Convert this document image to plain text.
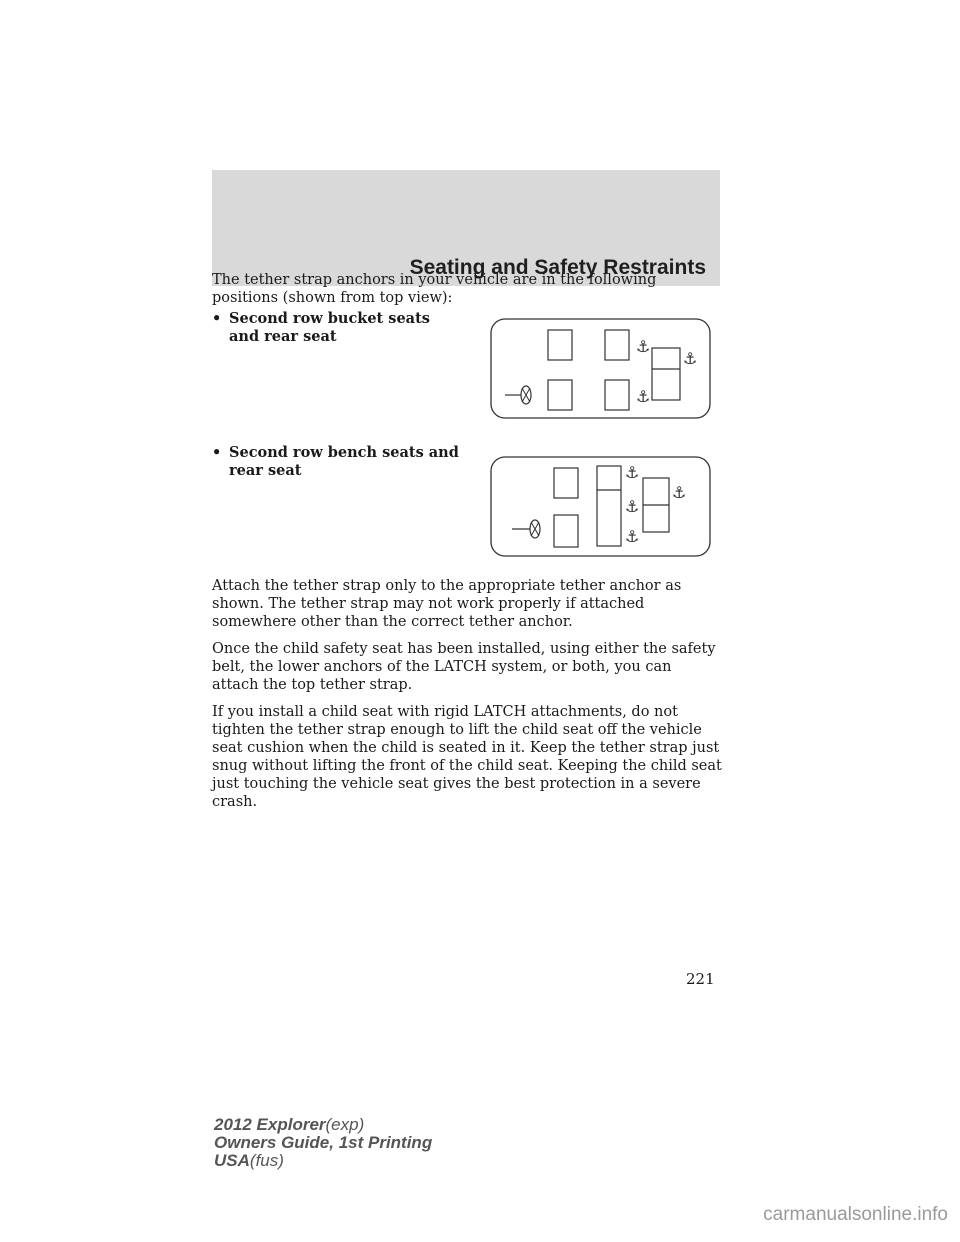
Seating and Safety Restraints

The tether strap anchors in your vehicle are in the following positions (shown from top view):

• Second row bucket seats and rear seat
⚓
⚓
⚓
• Second row bench seats and rear seat	⚓
⚓
⚓
⚓

Attach the tether strap only to the appropriate tether anchor as shown. The tether strap may not work properly if attached somewhere other than the correct tether anchor.

Once the child safety seat has been installed, using either the safety belt, the lower anchors of the LATCH system, or both, you can attach the top tether strap.

If you install a child seat with rigid LATCH attachments, do not tighten the tether strap enough to lift the child seat off the vehicle seat cushion when the child is seated in it. Keep the tether strap just snug without lifting the front of the child seat. Keeping the child seat just touching the vehicle seat gives the best protection in a severe crash.

221
2012 Explorer(exp)
Owners Guide, 1st Printing
USA(fus)
carmanualsonline.info
